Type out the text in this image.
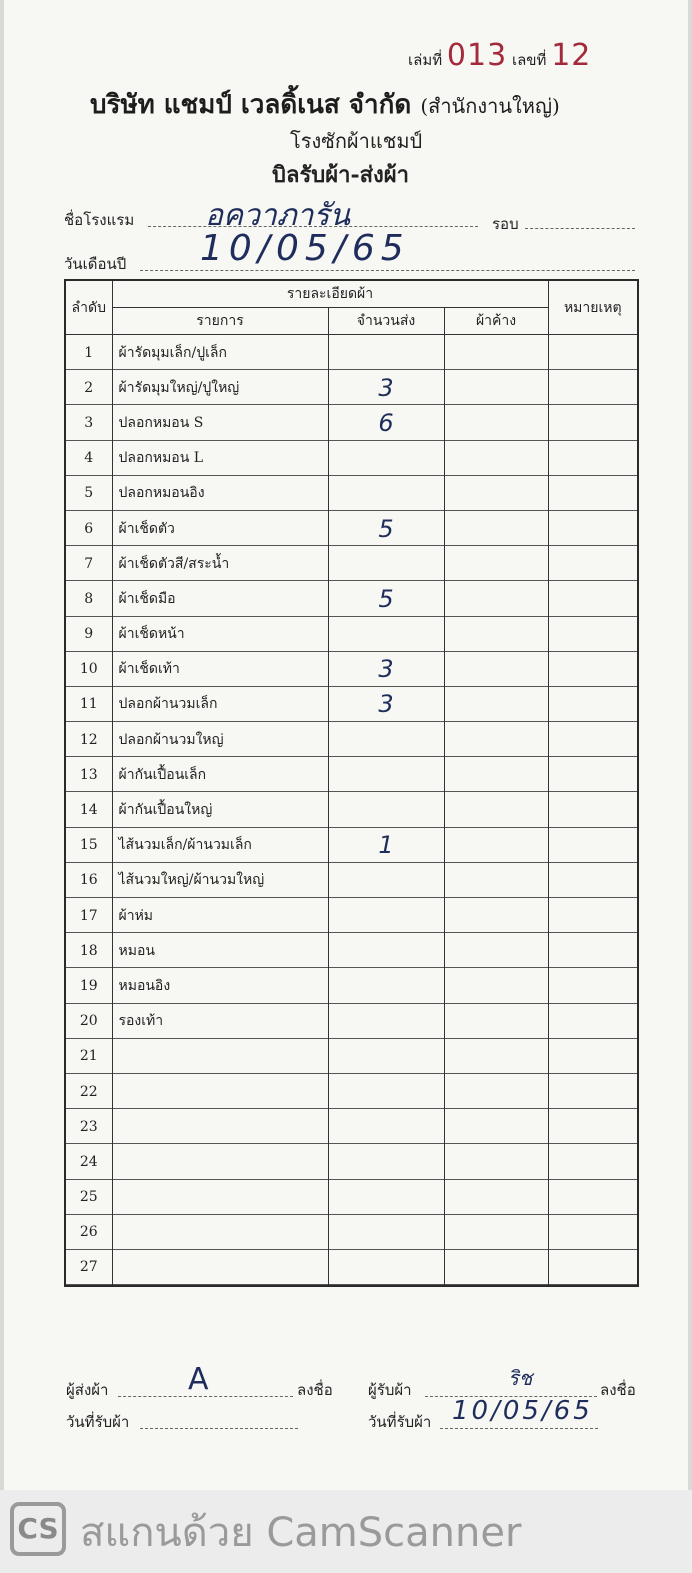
เล่มที่ 013 เลขที่ 12
บริษัท แชมป์ เวลดิ้เนส จำกัด (สำนักงานใหญ่)
โรงซักผ้าแชมป์
บิลรับผ้า-ส่งผ้า
ชื่อโรงแรม อควาภารัน	รอบ
วันเดือนปี 10/05/65
ลำดับ	รายละเอียดผ้า			หมายเหตุ
	รายการ	จำนวนส่ง	ผ้าค้าง	
1	ผ้ารัดมุมเล็ก/ปูเล็ก			
2	ผ้ารัดมุมใหญ่/ปูใหญ่	3		
3	ปลอกหมอน S	6		
4	ปลอกหมอน L			
5	ปลอกหมอนอิง			
6	ผ้าเช็ดตัว	5		
7	ผ้าเช็ดตัวสี/สระน้ำ			
8	ผ้าเช็ดมือ	5		
9	ผ้าเช็ดหน้า			
10	ผ้าเช็ดเท้า	3		
11	ปลอกผ้านวมเล็ก	3		
12	ปลอกผ้านวมใหญ่			
13	ผ้ากันเปื้อนเล็ก			
14	ผ้ากันเปื้อนใหญ่			
15	ไส้นวมเล็ก/ผ้านวมเล็ก	1		
16	ไส้นวมใหญ่/ผ้านวมใหญ่			
17	ผ้าห่ม			
18	หมอน			
19	หมอนอิง			
20	รองเท้า			
21				
22				
23				
24				
25				
26				
27				
ผู้ส่งผ้า	A	ลงชื่อ ผู้รับผ้า	ริช	ลงชื่อ
วันที่รับผ้า	วันที่รับผ้า 10/05/65
CS สแกนด้วย CamScanner
